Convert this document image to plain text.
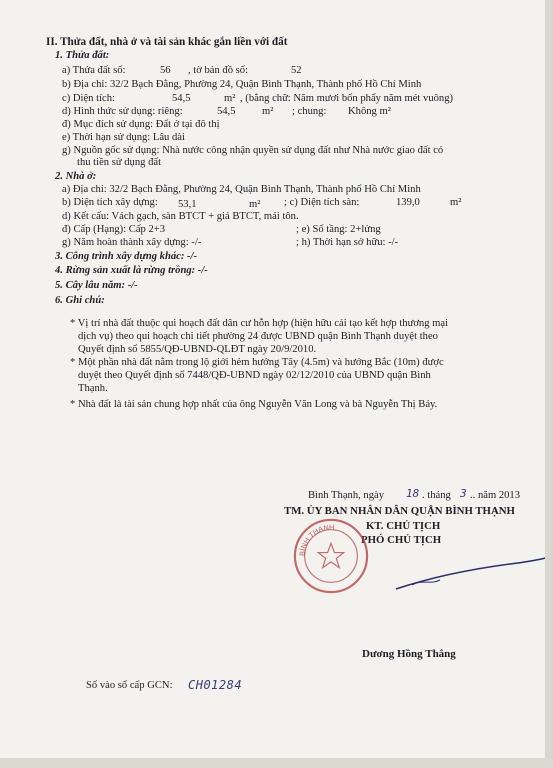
II. Thửa đất, nhà ở và tài sản khác gắn liền với đất
1. Thửa đất:
a) Thửa đất số:	56 , tờ bản đồ số:	52
b) Địa chỉ: 32/2 Bạch Đằng, Phường 24, Quận Bình Thạnh, Thành phố Hồ Chí Minh
c) Diện tích:	54,5	m² , (bằng chữ: Năm mươi bốn phẩy năm mét vuông)
d) Hình thức sử dụng: riêng:	54,5 m² ; chung: Không m²
đ) Mục đích sử dụng: Đất ở tại đô thị
e) Thời hạn sử dụng: Lâu dài
g) Nguồn gốc sử dụng: Nhà nước công nhận quyền sử dụng đất như Nhà nước giao đất có
thu tiền sử dụng đất
2. Nhà ở:
a) Địa chỉ: 32/2 Bạch Đằng, Phường 24, Quận Bình Thạnh, Thành phố Hồ Chí Minh
b) Diện tích xây dựng: 53,1	m² ; c) Diện tích sàn:	139,0	m²
d) Kết cấu: Vách gạch, sàn BTCT + giả BTCT, mái tôn.
đ) Cấp (Hạng): Cấp 2+3	; e) Số tầng: 2+lửng
g) Năm hoàn thành xây dựng: -/-	; h) Thời hạn sở hữu: -/-
3. Công trình xây dựng khác: -/-
4. Rừng sản xuất là rừng trồng: -/-
5. Cây lâu năm: -/-
6. Ghi chú:
* Vị trí nhà đất thuộc qui hoạch đất dân cư hỗn hợp (hiện hữu cải tạo kết hợp thương mại
dịch vụ) theo qui hoạch chi tiết phường 24 được UBND quận Bình Thạnh duyệt theo
Quyết định số 5855/QĐ-UBND-QLĐT ngày 20/9/2010.
* Một phần nhà đất nằm trong lộ giới hẻm hướng Tây (4.5m) và hướng Bắc (10m) được
duyệt theo Quyết định số 7448/QĐ-UBND ngày 02/12/2010 của UBND quận Bình
Thạnh.
* Nhà đất là tài sản chung hợp nhất của ông Nguyễn Văn Long và bà Nguyễn Thị Bảy.
Bình Thạnh, ngày 18 . tháng 3 .. năm 2013
TM. ỦY BAN NHÂN DÂN QUẬN BÌNH THẠNH
KT. CHỦ TỊCH
PHÓ CHỦ TỊCH
BÌNH THẠNH
Dương Hồng Thắng
Số vào sổ cấp GCN: CH01284
